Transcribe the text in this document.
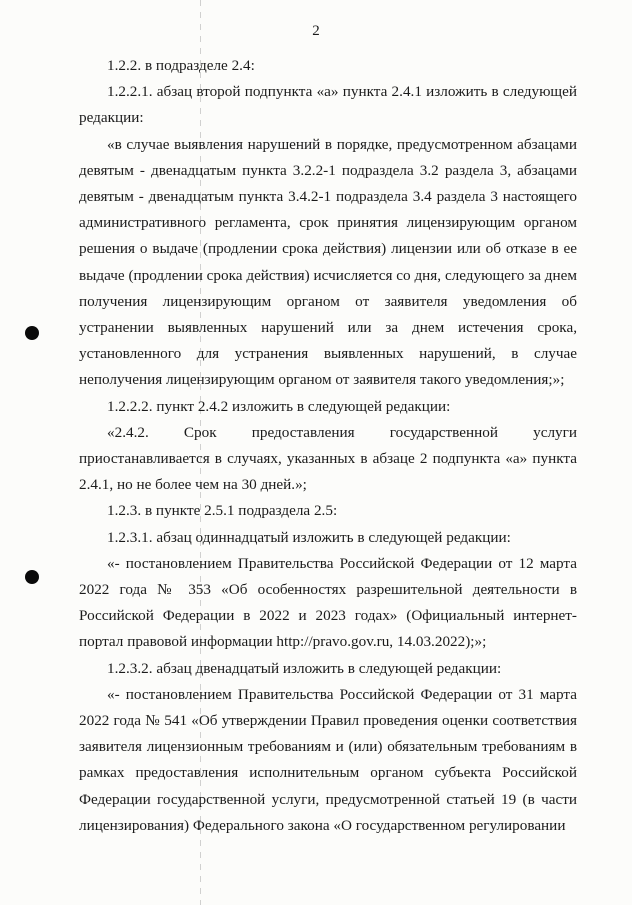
2

1.2.2. в подразделе 2.4:

1.2.2.1. абзац второй подпункта «а» пункта 2.4.1 изложить в следующей редакции:

«в случае выявления нарушений в порядке, предусмотренном абзацами девятым - двенадцатым пункта 3.2.2-1 подраздела 3.2 раздела 3, абзацами девятым - двенадцатым пункта 3.4.2-1 подраздела 3.4 раздела 3 настоящего административного регламента, срок принятия лицензирующим органом решения о выдаче (продлении срока действия) лицензии или об отказе в ее выдаче (продлении срока действия) исчисляется со дня, следующего за днем получения лицензирующим органом от заявителя уведомления об устранении выявленных нарушений или за днем истечения срока, установленного для устранения выявленных нарушений, в случае неполучения лицензирующим органом от заявителя такого уведомления;»;

1.2.2.2. пункт 2.4.2 изложить в следующей редакции:

«2.4.2. Срок предоставления государственной услуги приостанавливается в случаях, указанных в абзаце 2 подпункта «а» пункта 2.4.1, но не более чем на 30 дней.»;

1.2.3. в пункте 2.5.1 подраздела 2.5:

1.2.3.1. абзац одиннадцатый изложить в следующей редакции:

«- постановлением Правительства Российской Федерации от 12 марта 2022 года № 353 «Об особенностях разрешительной деятельности в Российской Федерации в 2022 и 2023 годах» (Официальный интернет-портал правовой информации http://pravo.gov.ru, 14.03.2022);»;

1.2.3.2. абзац двенадцатый изложить в следующей редакции:

«- постановлением Правительства Российской Федерации от 31 марта 2022 года № 541 «Об утверждении Правил проведения оценки соответствия заявителя лицензионным требованиям и (или) обязательным требованиям в рамках предоставления исполнительным органом субъекта Российской Федерации государственной услуги, предусмотренной статьей 19 (в части лицензирования) Федерального закона «О государственном регулировании
